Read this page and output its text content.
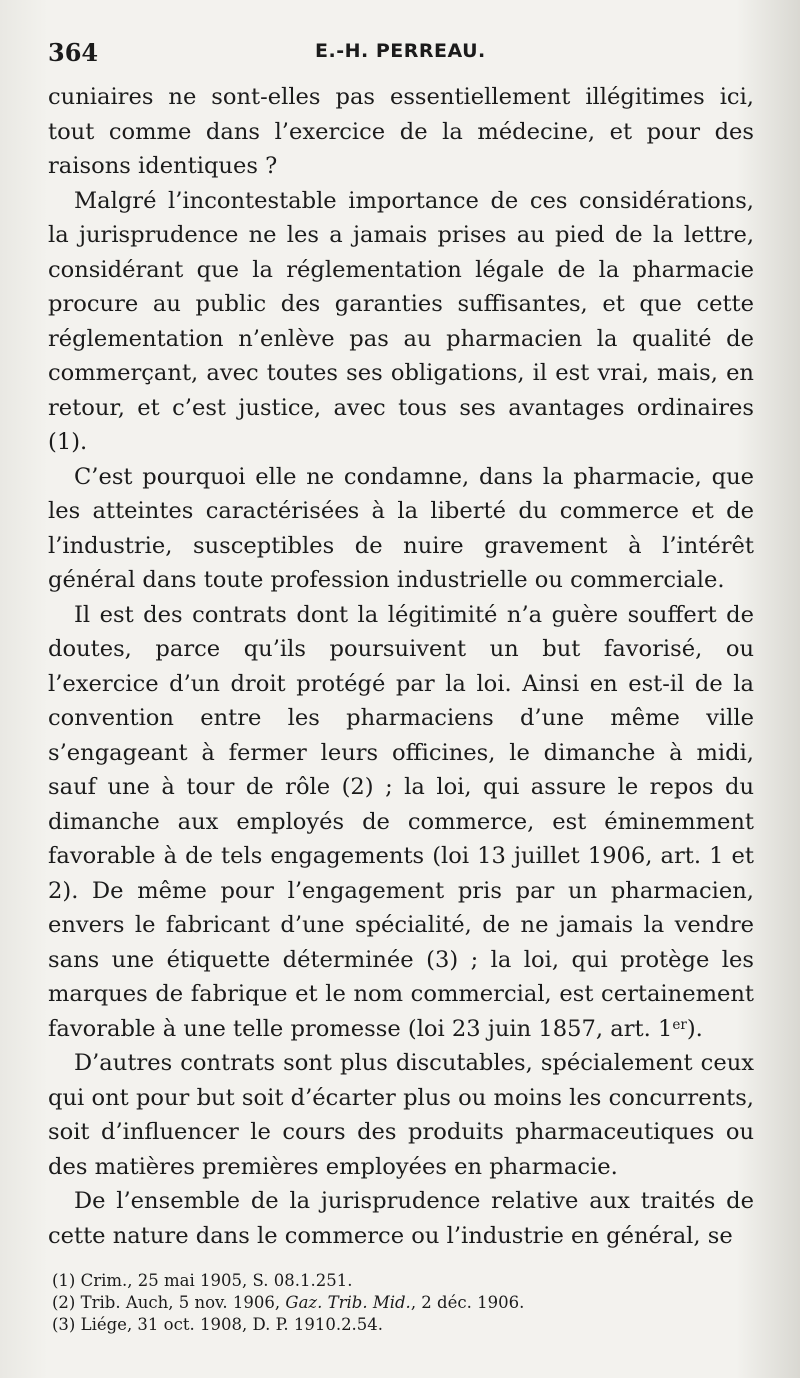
364	E.-H. PERREAU.

cuniaires ne sont-elles pas essentiellement illégitimes ici, tout comme dans l’exercice de la médecine, et pour des raisons identiques ?

Malgré l’incontestable importance de ces considérations, la jurisprudence ne les a jamais prises au pied de la lettre, considérant que la réglementation légale de la pharmacie procure au public des garanties suffisantes, et que cette réglementation n’enlève pas au pharmacien la qualité de commerçant, avec toutes ses obligations, il est vrai, mais, en retour, et c’est justice, avec tous ses avantages ordinaires (1).

C’est pourquoi elle ne condamne, dans la pharmacie, que les atteintes caractérisées à la liberté du commerce et de l’industrie, susceptibles de nuire gravement à l’intérêt général dans toute profession industrielle ou commerciale.

Il est des contrats dont la légitimité n’a guère souffert de doutes, parce qu’ils poursuivent un but favorisé, ou l’exercice d’un droit protégé par la loi. Ainsi en est-il de la convention entre les pharmaciens d’une même ville s’engageant à fermer leurs officines, le dimanche à midi, sauf une à tour de rôle (2) ; la loi, qui assure le repos du dimanche aux employés de commerce, est éminemment favorable à de tels engagements (loi 13 juillet 1906, art. 1 et 2). De même pour l’engagement pris par un pharmacien, envers le fabricant d’une spécialité, de ne jamais la vendre sans une étiquette déterminée (3) ; la loi, qui protège les marques de fabrique et le nom commercial, est certainement favorable à une telle promesse (loi 23 juin 1857, art. 1er).

D’autres contrats sont plus discutables, spécialement ceux qui ont pour but soit d’écarter plus ou moins les concurrents, soit d’influencer le cours des produits pharmaceutiques ou des matières premières employées en pharmacie.

De l’ensemble de la jurisprudence relative aux traités de cette nature dans le commerce ou l’industrie en général, se

(1) Crim., 25 mai 1905, S. 08.1.251.

(2) Trib. Auch, 5 nov. 1906, Gaz. Trib. Mid., 2 déc. 1906.

(3) Liége, 31 oct. 1908, D. P. 1910.2.54.
